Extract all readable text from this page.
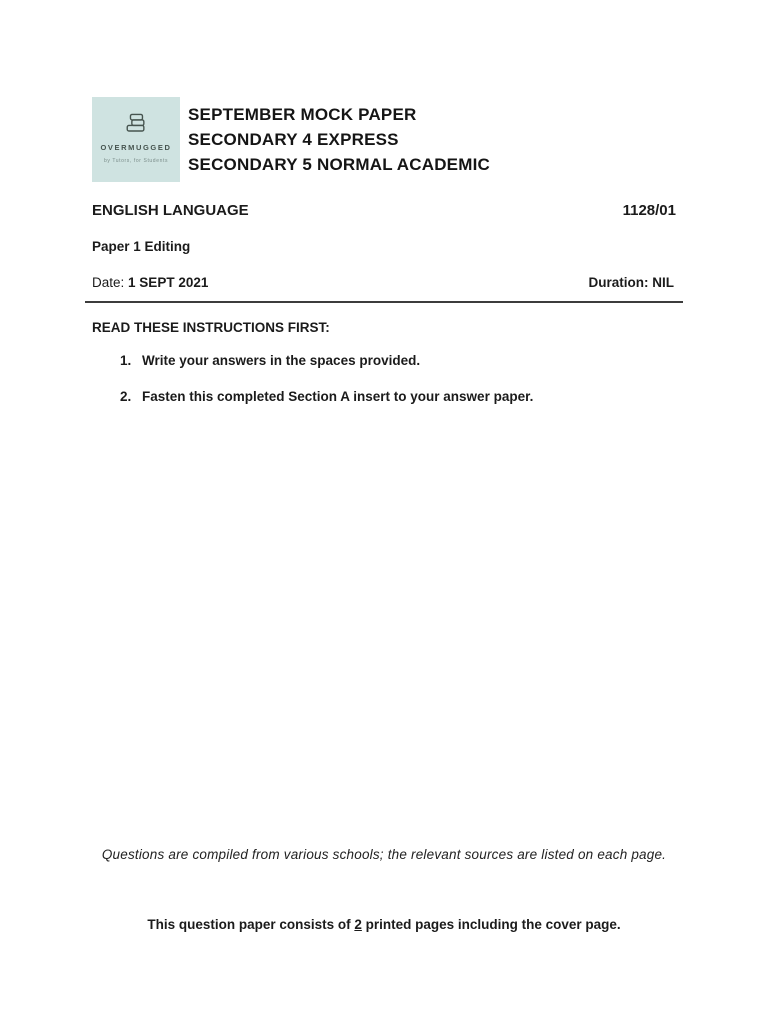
OVERMUGGED
by Tutors, for Students
SEPTEMBER MOCK PAPER
SECONDARY 4 EXPRESS
SECONDARY 5 NORMAL ACADEMIC
ENGLISH LANGUAGE	1128/01
Paper 1 Editing
Date: 1 SEPT 2021	Duration: NIL
READ THESE INSTRUCTIONS FIRST:
1. Write your answers in the spaces provided.
2. Fasten this completed Section A insert to your answer paper.
Questions are compiled from various schools; the relevant sources are listed on each page.
This question paper consists of 2 printed pages including the cover page.
